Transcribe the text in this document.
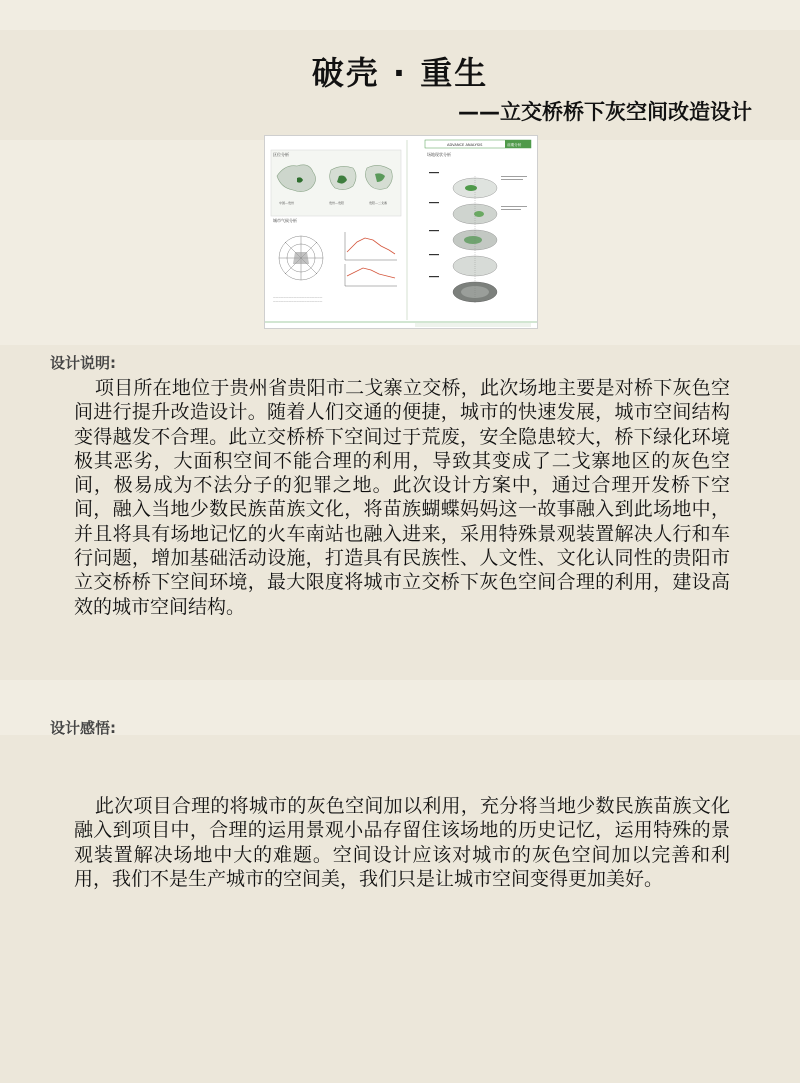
破壳 · 重生
——立交桥桥下灰空间改造设计
区位分析
中国—贵州	贵州—贵阳	贵阳—二戈寨
城市气候分析
———————————————————
———————————————————
ADVANCE ANALYSIS	前期分析
场地现状分析
设计说明:

项目所在地位于贵州省贵阳市二戈寨立交桥，此次场地主要是对桥下灰色空间进行提升改造设计。随着人们交通的便捷，城市的快速发展，城市空间结构变得越发不合理。此立交桥桥下空间过于荒废，安全隐患较大，桥下绿化环境极其恶劣，大面积空间不能合理的利用，导致其变成了二戈寨地区的灰色空间，极易成为不法分子的犯罪之地。此次设计方案中，通过合理开发桥下空间，融入当地少数民族苗族文化，将苗族蝴蝶妈妈这一故事融入到此场地中，并且将具有场地记忆的火车南站也融入进来，采用特殊景观装置解决人行和车行问题，增加基础活动设施，打造具有民族性、人文性、文化认同性的贵阳市立交桥桥下空间环境，最大限度将城市立交桥下灰色空间合理的利用，建设高效的城市空间结构。

设计感悟:

此次项目合理的将城市的灰色空间加以利用，充分将当地少数民族苗族文化融入到项目中，合理的运用景观小品存留住该场地的历史记忆，运用特殊的景观装置解决场地中大的难题。空间设计应该对城市的灰色空间加以完善和利用，我们不是生产城市的空间美，我们只是让城市空间变得更加美好。
